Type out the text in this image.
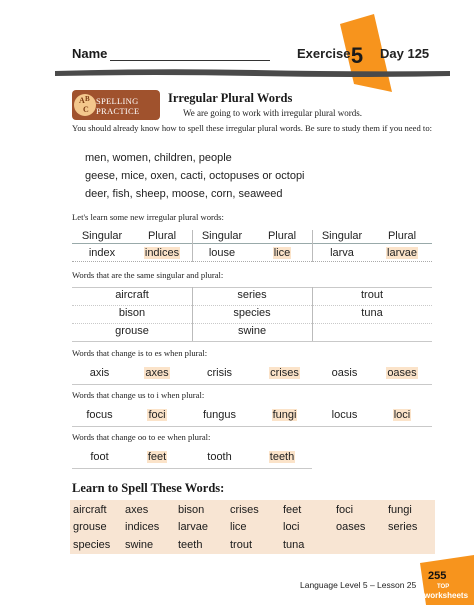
Name	Exercise 5	Day 125
A B
C
SPELLING
PRACTICE
Irregular Plural Words
We are going to work with irregular plural words.

You should already know how to spell these irregular plural words. Be sure to study them if you need to:

men, women, children, people
geese, mice, oxen, cacti, octopuses or octopi
deer, fish, sheep, moose, corn, seaweed
Let's learn some new irregular plural words:
Singular	Plural	Singular	Plural	Singular	Plural
index	indices	louse	lice	larva	larvae
Words that are the same singular and plural:
aircraft	series	trout
bison	species	tuna
grouse	swine
Words that change is to es when plural:
axis	axes	crisis	crises	oasis	oases
Words that change us to i when plural:
focus	foci	fungus	fungi	locus	loci
Words that change oo to ee when plural:
foot	feet	tooth	teeth
Learn to Spell These Words:
aircraft axes	bison crises feet	foci	fungi
grouse indices larvae lice	loci	oases series
species swine teeth	trout	tuna
Language Level 5 – Lesson 25
255
TOP
worksheets
